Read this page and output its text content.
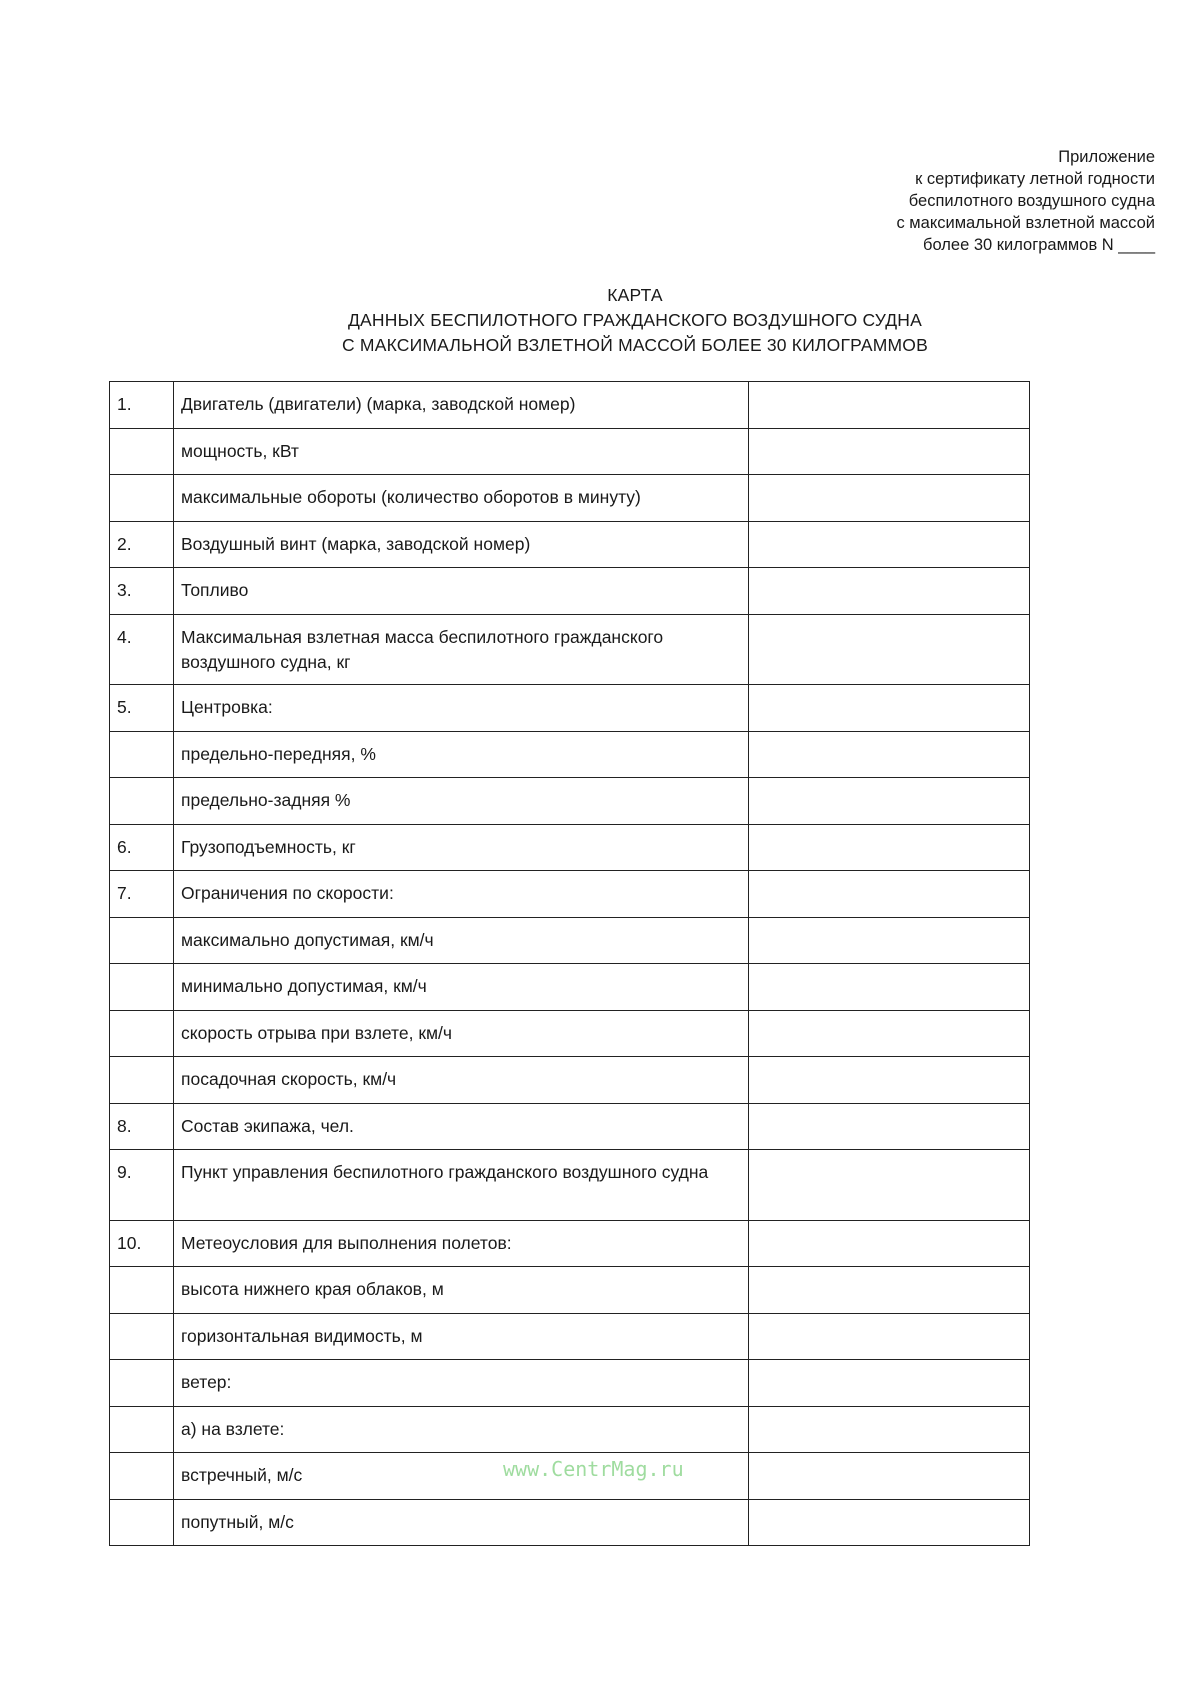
Приложение
к сертификату летной годности
беспилотного воздушного судна
с максимальной взлетной массой
более 30 килограммов N ____
КАРТА
ДАННЫХ БЕСПИЛОТНОГО ГРАЖДАНСКОГО ВОЗДУШНОГО СУДНА
С МАКСИМАЛЬНОЙ ВЗЛЕТНОЙ МАССОЙ БОЛЕЕ 30 КИЛОГРАММОВ
1.	Двигатель (двигатели) (марка, заводской номер)	
	мощность, кВт	
	максимальные обороты (количество оборотов в минуту)	
2.	Воздушный винт (марка, заводской номер)	
3.	Топливо	
4.	Максимальная взлетная масса беспилотного гражданского воздушного судна, кг	
5.	Центровка:	
	предельно-передняя, %	
	предельно-задняя %	
6.	Грузоподъемность, кг	
7.	Ограничения по скорости:	
	максимально допустимая, км/ч	
	минимально допустимая, км/ч	
	скорость отрыва при взлете, км/ч	
	посадочная скорость, км/ч	
8.	Состав экипажа, чел.	
9.	Пункт управления беспилотного гражданского воздушного судна	
10.	Метеоусловия для выполнения полетов:	
	высота нижнего края облаков, м	
	горизонтальная видимость, м	
	ветер:	
	а) на взлете:	
	встречный, м/с	
	попутный, м/с	
www.CentrMag.ru
